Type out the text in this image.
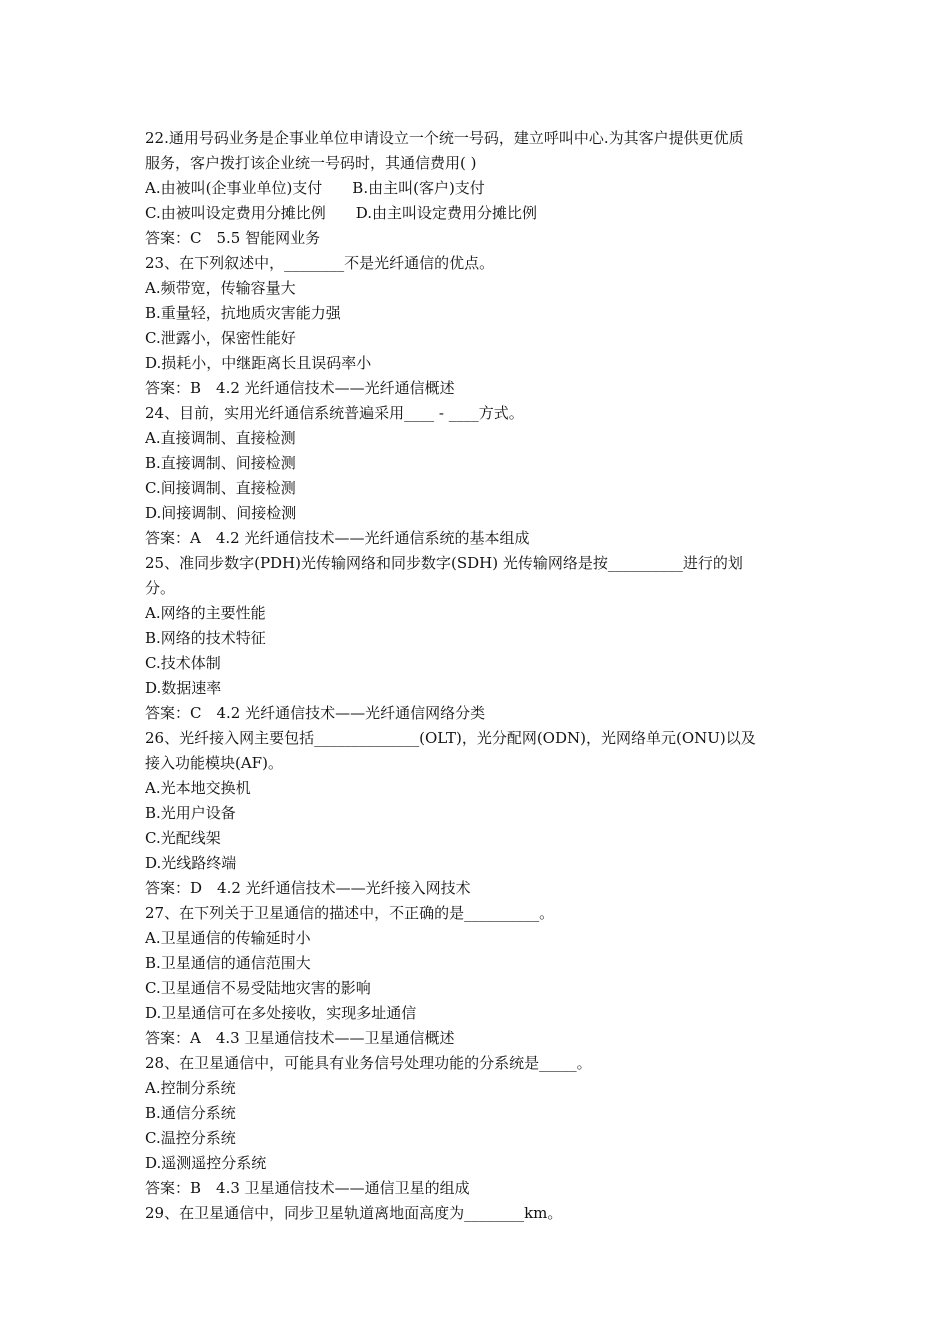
22.通用号码业务是企事业单位申请设立一个统一号码，建立呼叫中心.为其客户提供更优质
服务，客户拨打该企业统一号码时，其通信费用( )
A.由被叫(企事业单位)支付　　B.由主叫(客户)支付
C.由被叫设定费用分摊比例　　D.由主叫设定费用分摊比例
答案：C　5.5 智能网业务
23、在下列叙述中，________不是光纤通信的优点。
A.频带宽，传输容量大
B.重量轻，抗地质灾害能力强
C.泄露小，保密性能好
D.损耗小，中继距离长且误码率小
答案：B　4.2 光纤通信技术——光纤通信概述
24、目前，实用光纤通信系统普遍采用____ - ____方式。
A.直接调制、直接检测
B.直接调制、间接检测
C.间接调制、直接检测
D.间接调制、间接检测
答案：A　4.2 光纤通信技术——光纤通信系统的基本组成
25、准同步数字(PDH)光传输网络和同步数字(SDH) 光传输网络是按__________进行的划
分。
A.网络的主要性能
B.网络的技术特征
C.技术体制
D.数据速率
答案：C　4.2 光纤通信技术——光纤通信网络分类
26、光纤接入网主要包括______________(OLT)，光分配网(ODN)，光网络单元(ONU)以及
接入功能模块(AF)。
A.光本地交换机
B.光用户设备
C.光配线架
D.光线路终端
答案：D　4.2 光纤通信技术——光纤接入网技术
27、在下列关于卫星通信的描述中，不正确的是__________。
A.卫星通信的传输延时小
B.卫星通信的通信范围大
C.卫星通信不易受陆地灾害的影响
D.卫星通信可在多处接收，实现多址通信
答案：A　4.3 卫星通信技术——卫星通信概述
28、在卫星通信中，可能具有业务信号处理功能的分系统是_____。
A.控制分系统
B.通信分系统
C.温控分系统
D.遥测遥控分系统
答案：B　4.3 卫星通信技术——通信卫星的组成
29、在卫星通信中，同步卫星轨道离地面高度为________km。
